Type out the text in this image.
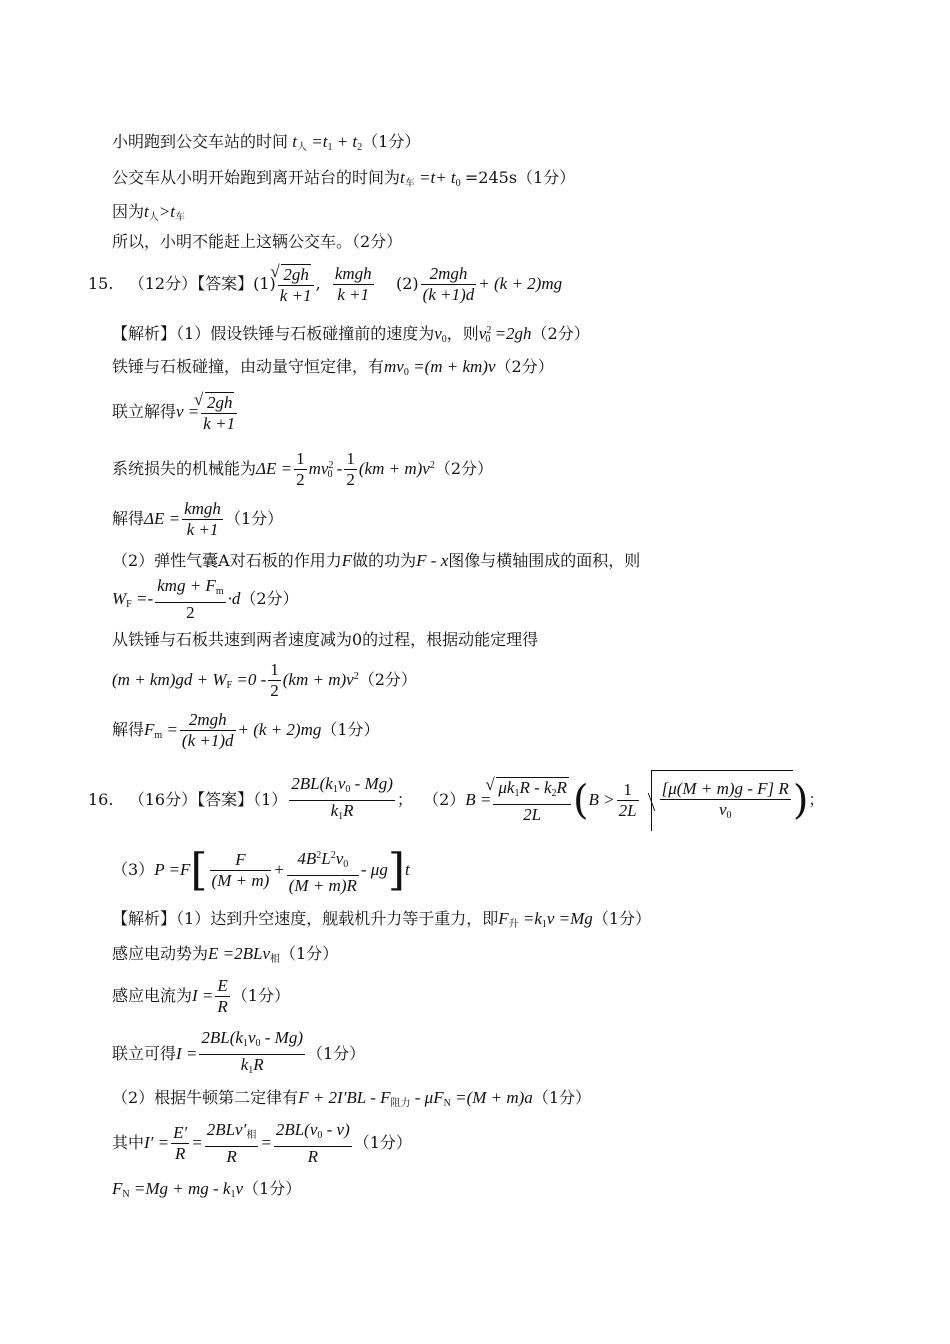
小明跑到公交车站的时间 $t_人 =t_1 + t_2(1$分）
公交车从小明开始跑到离开站台的时间为$t_车 =t+ t_0 =245s(1$分）
因为$t_人>t_车$
所以，小明不能赶上这辆公交车。（2分）
15. （12分）【答案】(1) √ $\frac{2gh}{k +1}$ , $\frac{\text{kmgh}}{k +1} (2) \frac{\text{2mgh}}{(k +1)d} + (k + 2)mg$
【解析】（1）假设铁锤与石板碰撞前的速度为$v_0$，则$v^2_0 =2gh(2$分）
铁锤与石板碰撞，由动量守恒定律，有$mv_0 =(m + km)v(2$分）
联立解得v = √ $\frac{2gh}{k +1}$
系统损失的机械能为$\Delta E = \frac{1}{2} mv^2_0 - \frac{1}{2} (km + m)v^2(2$分）
解得$\Delta E = \frac{\text{kmgh}}{k +1} (1$分）
（2）弹性气囊A对石板的作用力F做的功为F - x图像与横轴围成的面积，则
$W_F =- \frac{kmg + F_m}{2} \cdot d(2$分）
从铁锤与石板共速到两者速度减为0的过程，根据动能定理得
$(m + km)gd + W_F =0 - \frac{1}{2} (km + m)v^2(2$分）
解得$F_m = \frac{\text{2mgh}}{(k +1)d} + (k + 2)mg(1$分）
16. （16分）【答案】$(1) \frac{2BL(k_1v_0 - Mg)}{k_1R}$ ； （2）B = √ $\frac{\mu k_1R - k_2R}{2L} (B > \frac{1}{2L} \frac{[\mu(M + m)g - F] R}{v_0}$ )；
$(3)P =F[ \frac{F}{(M + m)} + \frac{4B^2L^2v_0}{(M + m)R} - \mu g]t$
【解析】（1）达到升空速度，舰载机升力等于重力，即$F_升 =k_1v =Mg(1$分）
感应电动势为E =2BLv$_相$（1分）
感应电流为$I = \frac{E}{R} (1$分）
联立可得$I = \frac{2BL(k_1v_0 - Mg)}{k_1R} (1$分）
（2）根据牛顿第二定律有$F + 2I'BL - F_{阻力} - \mu F_N =(M + m)a(1$分）
其中$I' = \frac{E'}{R} = \frac{2BLv'_相}{R} = \frac{2BL(v_0 - v)}{R} (1$分）
$F_N =Mg$ + mg - $k_1v(1$分）
